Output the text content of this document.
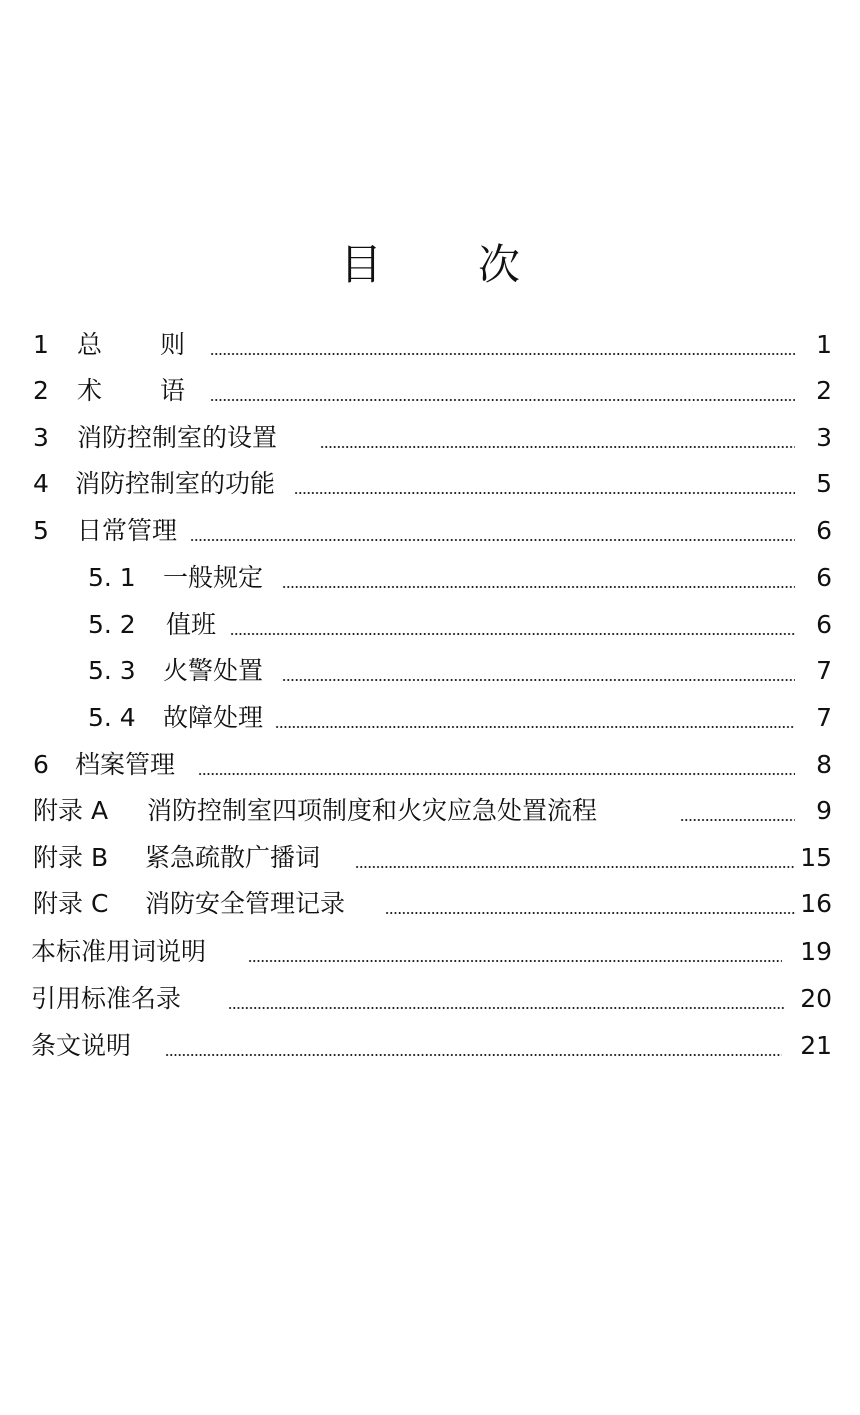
目 次
1 总 则	1
2 术 语	2
3 消防控制室的设置	3
4 消防控制室的功能	5
5 日常管理	6
5. 1 一般规定	6
5. 2 值班	6
5. 3 火警处置	7
5. 4 故障处理	7
6 档案管理	8
附录 A 消防控制室四项制度和火灾应急处置流程	9
附录 B 紧急疏散广播词	15
附录 C 消防安全管理记录	16
本标准用词说明	19
引用标准名录	20
条文说明	21
